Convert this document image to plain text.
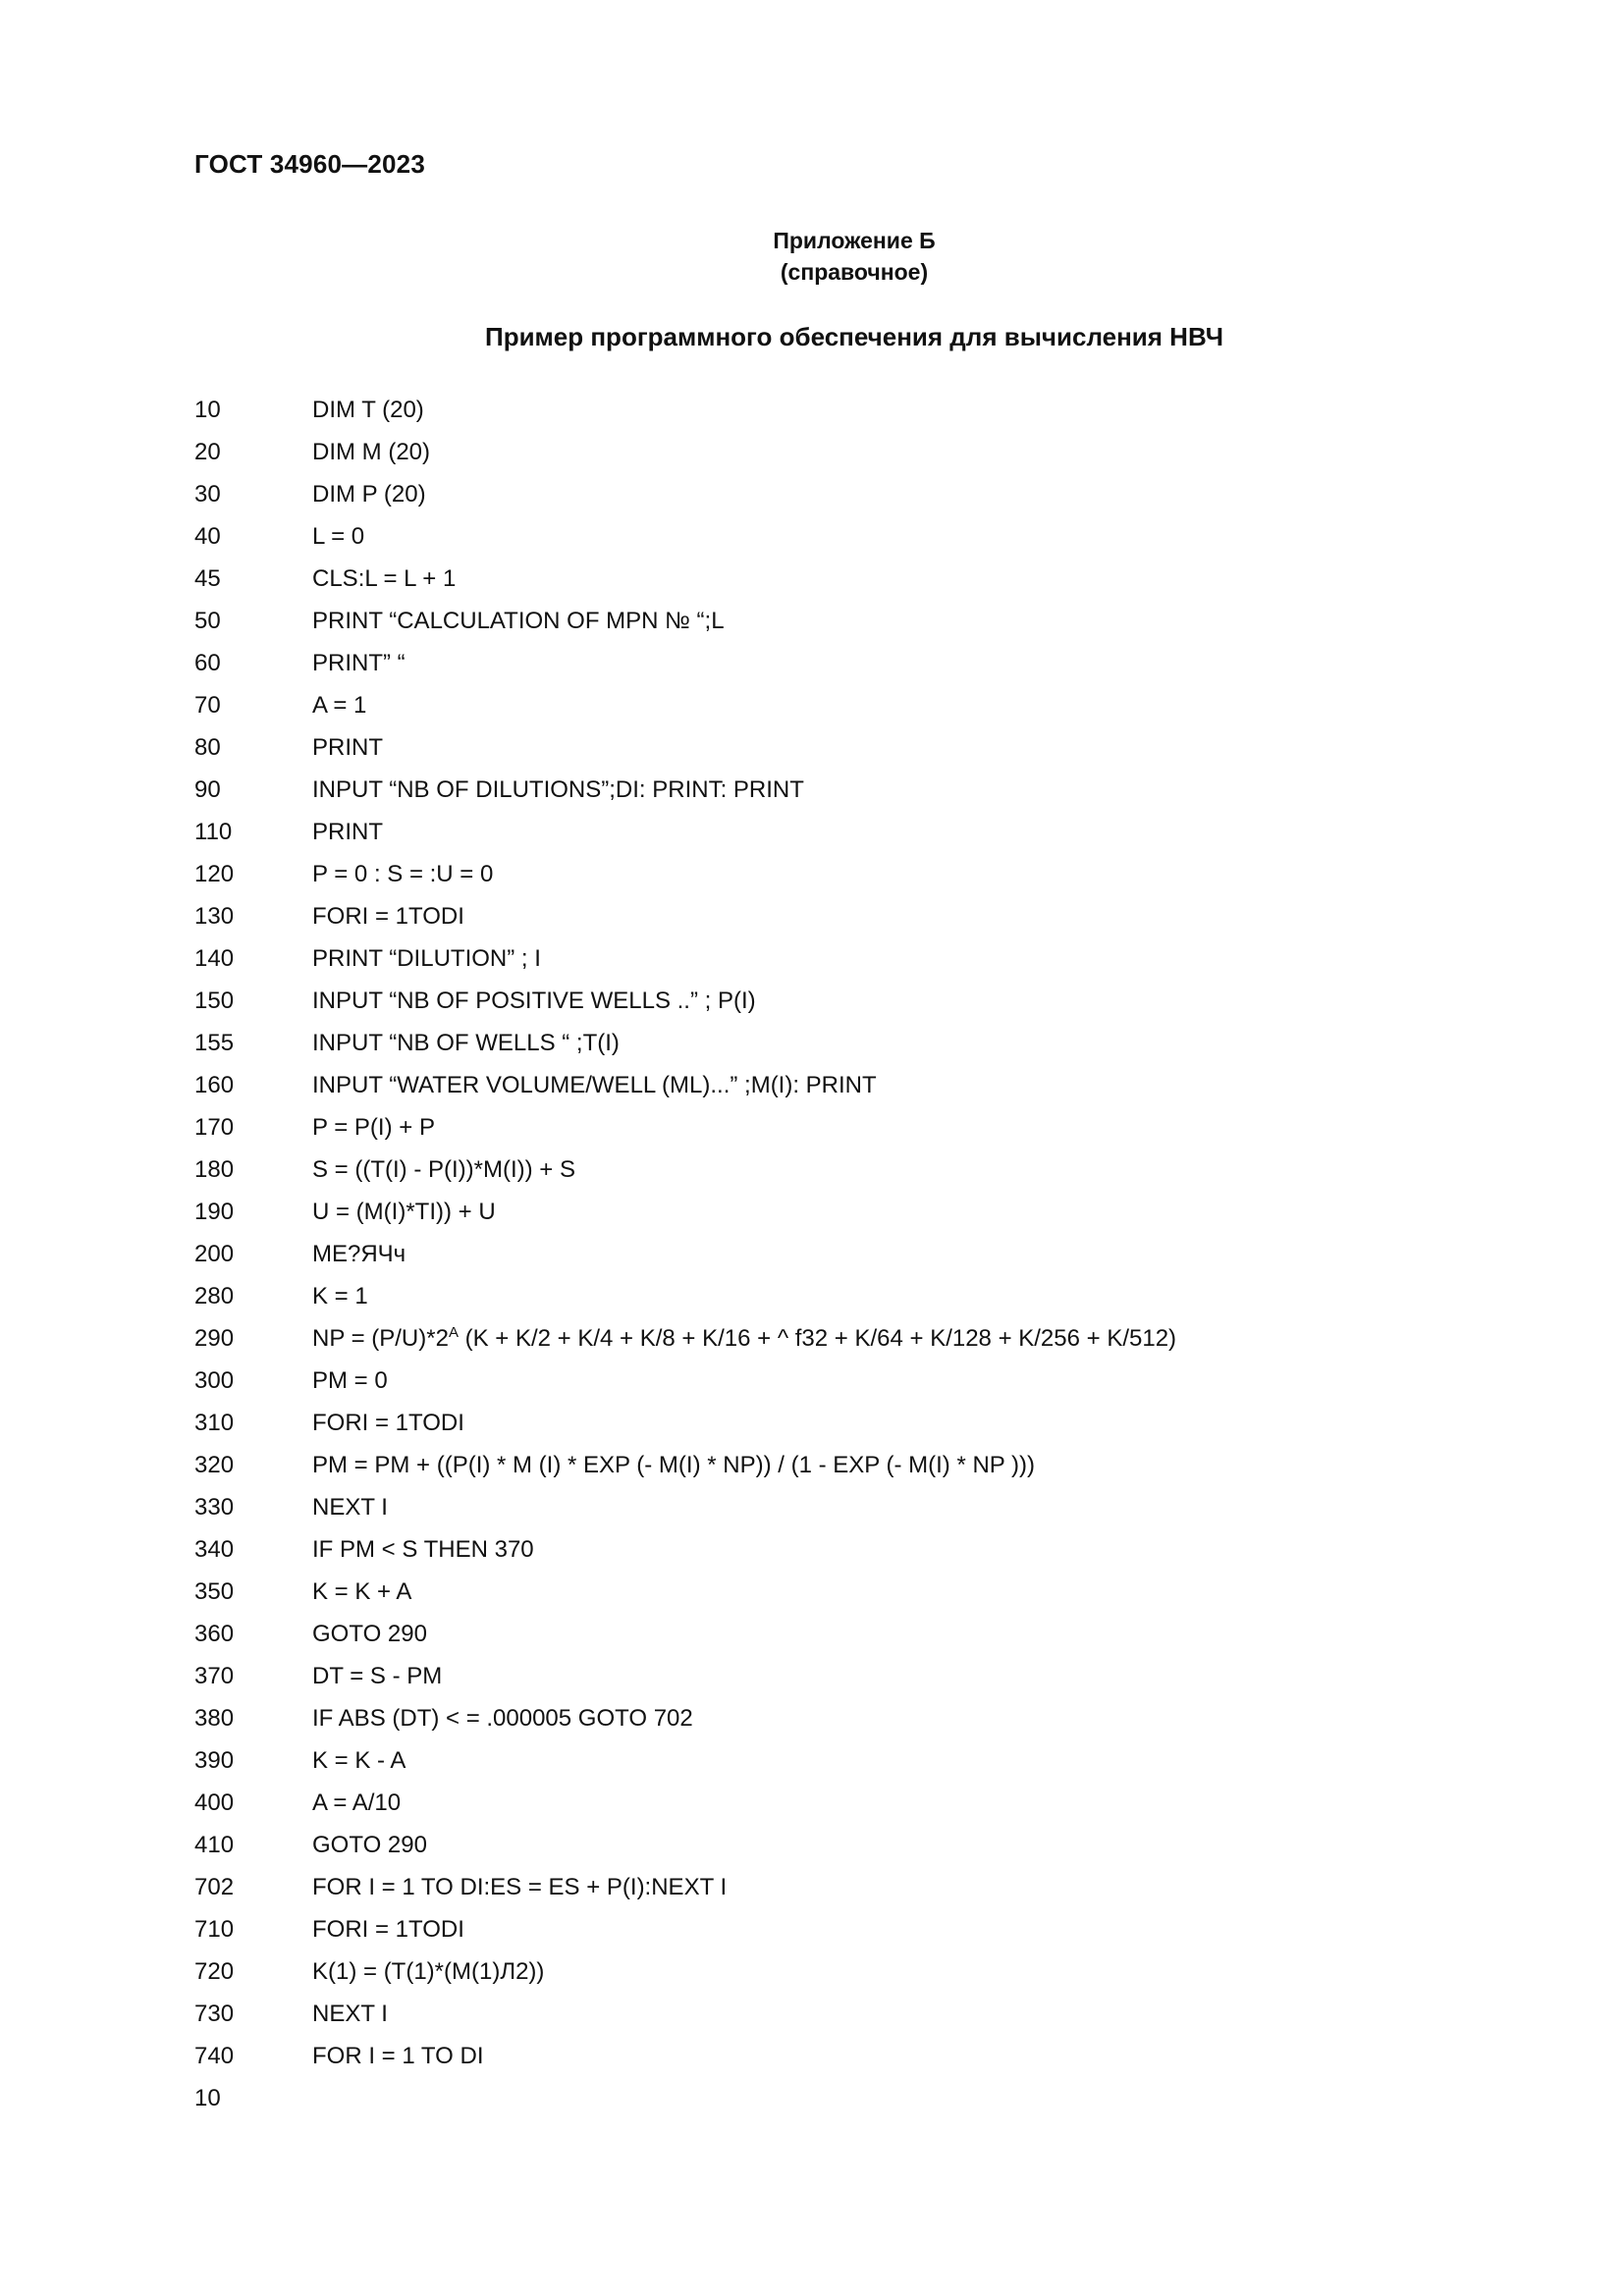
ГОСТ 34960—2023
Приложение Б
(справочное)
Пример программного обеспечения для вычисления НВЧ
10	DIM T (20)
20	DIM M (20)
30	DIM P (20)
40	L = 0
45	CLS:L = L + 1
50	PRINT “CALCULATION OF MPN № “;L
60	PRINT” “
70	A = 1
80	PRINT
90	INPUT “NB OF DILUTIONS”;DI: PRINT: PRINT
110	PRINT
120	P = 0 : S = :U = 0
130	FORI = 1TODI
140	PRINT “DILUTION” ; I
150	INPUT “NB OF POSITIVE WELLS ..” ; P(I)
155	INPUT “NB OF WELLS “ ;T(I)
160	INPUT “WATER VOLUME/WELL (ML)...” ;M(I): PRINT
170	P = P(I) + P
180	S = ((T(I) - P(I))*M(I)) + S
190	U = (M(I)*TI)) + U
200	ME?ЯЧч
280	K = 1
290	NP = $(P/U)*2^A$ (K + K/2 + K/4 + K/8 + K/16 + ^ f32 + K/64 + K/128 + K/256 + K/512)
300	PM = 0
310	FORI = 1TODI
320	PM = PM + ((P(I) * M (I) * EXP (- M(I) * NP)) / (1 - EXP (- M(I) * NP )))
330	NEXT I
340	IF PM < S THEN 370
350	K = K + A
360	GOTO 290
370	DT = S - PM
380	IF ABS (DT) < = .000005 GOTO 702
390	K = K - A
400	A = A/10
410	GOTO 290
702	FOR I = 1 TO DI:ES = ES + P(I):NEXT I
710	FORI = 1TODI
720	K(1) = (T(1)*(M(1)Л2))
730	NEXT I
740	FOR I = 1 TO DI
10
